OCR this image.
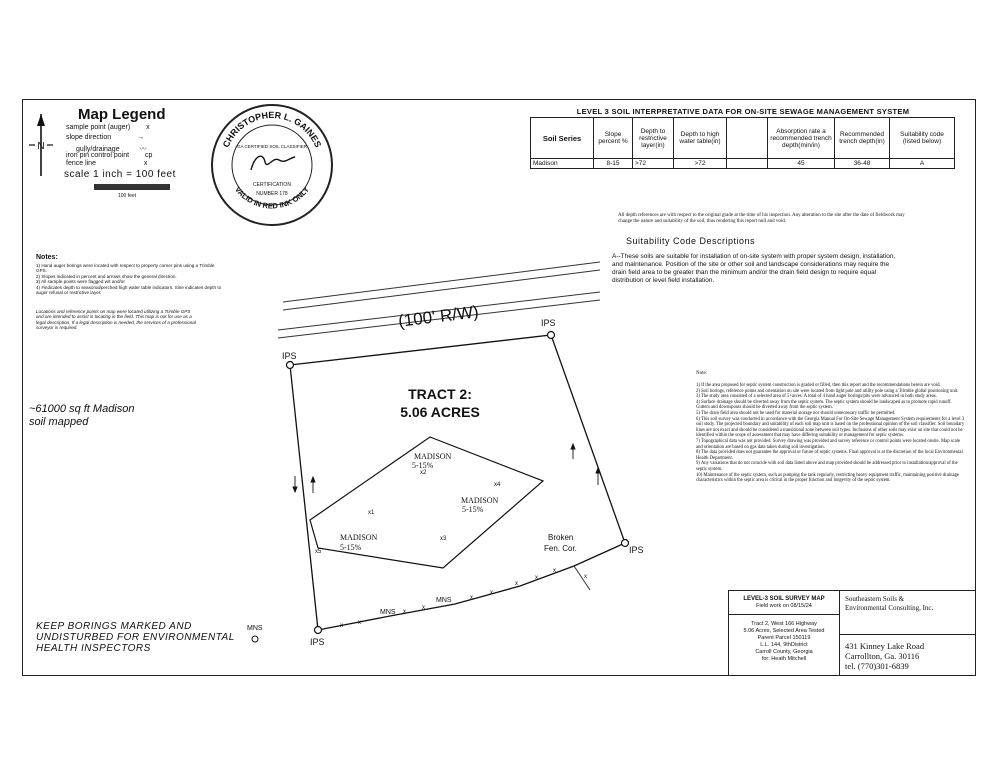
N
Map Legend
sample point (auger) x
slope direction	→
gully/drainage	〰
iron pin control point cp
fence line	x
scale 1 inch = 100 feet
100 feet
CHRISTOPHER L. GAINES
VALID IN RED INK ONLY
GA CERTIFIED SOIL CLASSIFIER
CERTIFICATION
NUMBER 178
Notes:
1) Hand auger borings were located with respect to property corner pins using a Trimble GPS.
2) Slopes indicated in percent and arrows show the general direction.
3) All sample points were flagged w/t and/or
4) #indicates depth to seasonal/perched high water table indicators. Sine indicates depth to auger refusal or restrictive layer.
Locations and reference points on map were located utilizing a Trimble GPS and are intended to assist in locating in the field. This map is not for use as a legal description. If a legal description is needed, the services of a professional surveyor is required.
~61000 sq ft Madison
soil mapped
KEEP BORINGS MARKED AND
UNDISTURBED FOR ENVIRONMENTAL
HEALTH INSPECTORS
MNS
IPS
IPS
IPS
IPS
MNS
MNS
Broken
Fen. Cor.
(100' R/W)
TRACT 2:
5.06 ACRES
MADISON
5-15%
MADISON
5-15%
MADISON
5-15%
x1
x2
x3
x4
x5
x	x
x
x
x
x
x
x
x
x
LEVEL 3 SOIL INTERPRETATIVE DATA FOR ON-SITE SEWAGE MANAGEMENT SYSTEM
Soil Series	Slope percent %	Depth to restrictive layer(in)	Depth to high water table(in)		Absorption rate a recommended trench depth(min/in)	Recommended trench depth(in)	Suitability code (listed below)
Madison	8-15	>72	>72		45	36-48	A
All depth references are with respect to the original grade at the time of his inspection. Any alteration to the site after the date of fieldwork may change the nature and suitability of the soil, thus rendering this report null and void.
Suitability Code Descriptions
A--These soils are suitable for installation of on-site system with proper system design, installation, and maintenance. Position of the site or other soil and landscape considerations may require the drain field area to be greater than the minimum and/or the drain field design to require equal distribution or level field installation.
Note:
1) If the area proposed for septic system construction is graded or filled, then this report and the recommendations herein are void.
2) Soil borings, reference points and orientation on site were located from light pole and utility pole using a Trimble global positioning unit.
3) The study area consisted of a selected area of 5+acres. A total of 4 hand auger borings/pits were advanced in both study areas.
4) Surface drainage should be diverted away from the septic system. The septic system should be landscaped as to promote rapid runoff. Gutters and downspouts should be diverted away from the septic system.
5) The drain field area should not be used for material storage nor should unnecessary traffic be permitted.
6) This soil survey was conducted in accordance with the Georgia Manual For On-Site Sewage Management System requirements for a level 3 soil study. The projected boundary and suitability of each soil map unit is based on the professional opinion of the soil classifier. Soil boundary lines are not exact and should be considered a transitional zone between soil types. Inclusions of other soils may exist on site that could not be identified within the scope of assessment that may have differing suitability or management for septic systems.
7) Topographical data was not provided. Survey drawing was provided and survey reference or control points were located onsite. Map scale and orientation are based on gps data taken during soil investigation.
8) The data provided does not guarantee the approval or future of septic systems. Final approval is at the discretion of the local Environmental Health Department.
9) Any variations that do not coincide with soil data listed above and map provided should be addressed prior to installation/approval of the septic system.
10) Maintenance of the septic system, such as pumping the tank regularly, restricting heavy equipment traffic, maintaining positive drainage characteristics within the septic area is critical in the proper function and longevity of the septic system.
LEVEL-3 SOIL SURVEY MAP
Field work on 08/15/24
Tract 2, West 166 Highway
5.06 Acres, Selected Area Tested
Parent Parcel 150119
L.L. 144, 9thDistrict
Carroll County, Georgia
for: Heath Mitchell
Southeastern Soils &
Environmental Consulting, Inc.
431 Kinney Lake Road
Carrollton, Ga. 30116
tel. (770)301-6839
